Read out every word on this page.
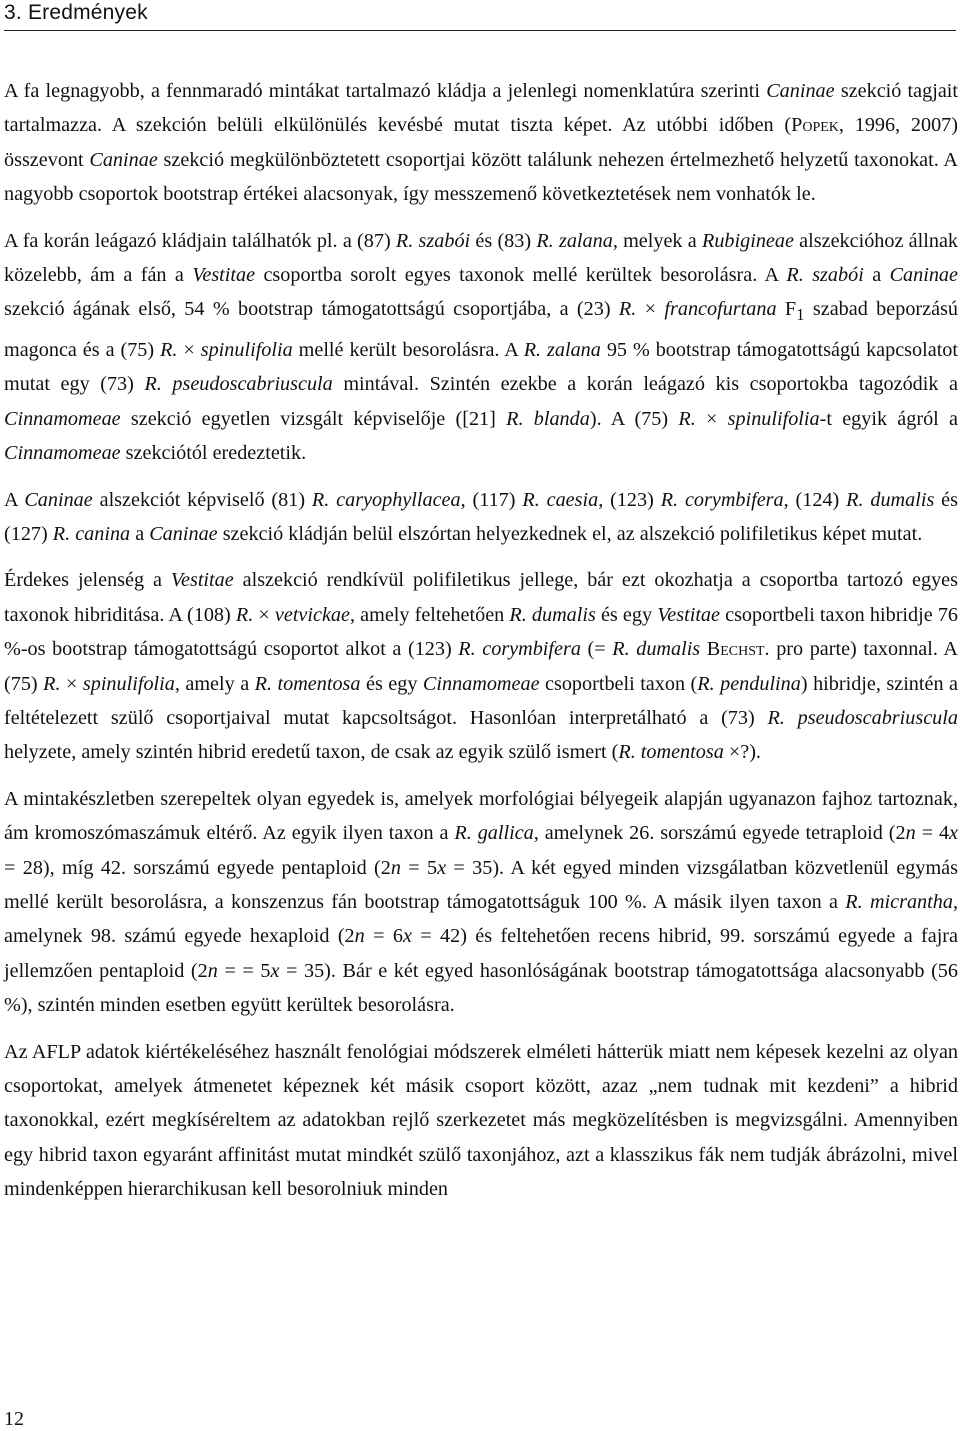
3. Eredmények

A fa legnagyobb, a fennmaradó mintákat tartalmazó kládja a jelenlegi nomenklatúra szerinti Caninae szekció tagjait tartalmazza. A szekción belüli elkülönülés kevésbé mutat tiszta képet. Az utóbbi időben (Popek, 1996, 2007) összevont Caninae szekció megkülönböztetett csoportjai között találunk nehezen értelmezhető helyzetű taxonokat. A nagyobb csoportok bootstrap értékei alacsonyak, így messzemenő következtetések nem vonhatók le.

A fa korán leágazó kládjain találhatók pl. a (87) R. szabói és (83) R. zalana, melyek a Rubigineae alszekcióhoz állnak közelebb, ám a fán a Vestitae csoportba sorolt egyes taxonok mellé kerültek besorolásra. A R. szabói a Caninae szekció ágának első, 54 % bootstrap támogatottságú csoportjába, a (23) R. × francofurtana $F_1$ szabad beporzású magonca és a (75) R. × spinulifolia mellé került besorolásra. A R. zalana 95 % bootstrap támogatottságú kapcsolatot mutat egy (73) R. pseudoscabriuscula mintával. Szintén ezekbe a korán leágazó kis csoportokba tagozódik a Cinnamomeae szekció egyetlen vizsgált képviselője ([21] R. blanda). A (75) R. × spinulifolia-t egyik ágról a Cinnamomeae szekciótól eredeztetik.

A Caninae alszekciót képviselő (81) R. caryophyllacea, (117) R. caesia, (123) R. corymbifera, (124) R. dumalis és (127) R. canina a Caninae szekció kládján belül elszórtan helyezkednek el, az alszekció polifiletikus képet mutat.

Érdekes jelenség a Vestitae alszekció rendkívül polifiletikus jellege, bár ezt okozhatja a csoportba tartozó egyes taxonok hibriditása. A (108) R. × vetvickae, amely feltehetően R. dumalis és egy Vestitae csoportbeli taxon hibridje 76 %-os bootstrap támogatottságú csoportot alkot a (123) R. corymbifera (= R. dumalis Bechst. pro parte) taxonnal. A (75) R. × spinulifolia, amely a R. tomentosa és egy Cinnamomeae csoportbeli taxon (R. pendulina) hibridje, szintén a feltételezett szülő csoportjaival mutat kapcsoltságot. Hasonlóan interpretálható a (73) R. pseudoscabriuscula helyzete, amely szintén hibrid eredetű taxon, de csak az egyik szülő ismert (R. tomentosa ×?).

A mintakészletben szerepeltek olyan egyedek is, amelyek morfológiai bélyegeik alapján ugyanazon fajhoz tartoznak, ám kromoszómaszámuk eltérő. Az egyik ilyen taxon a R. gallica, amelynek 26. sorszámú egyede tetraploid (2n = 4x = 28), míg 42. sorszámú egyede pentaploid (2n = 5x = 35). A két egyed minden vizsgálatban közvetlenül egymás mellé került besorolásra, a konszenzus fán bootstrap támogatottságuk 100 %. A másik ilyen taxon a R. micrantha, amelynek 98. számú egyede hexaploid (2n = 6x = 42) és feltehetően recens hibrid, 99. sorszámú egyede a fajra jellemzően pentaploid (2n = = 5x = 35). Bár e két egyed hasonlóságának bootstrap támogatottsága alacsonyabb (56 %), szintén minden esetben együtt kerültek besorolásra.

Az AFLP adatok kiértékeléséhez használt fenológiai módszerek elméleti hátterük miatt nem képesek kezelni az olyan csoportokat, amelyek átmenetet képeznek két másik csoport között, azaz „nem tudnak mit kezdeni” a hibrid taxonokkal, ezért megkíséreltem az adatokban rejlő szerkezetet más megközelítésben is megvizsgálni. Amennyiben egy hibrid taxon egyaránt affinitást mutat mindkét szülő taxonjához, azt a klasszikus fák nem tudják ábrázolni, mivel mindenképpen hierarchikusan kell besorolniuk minden

12
